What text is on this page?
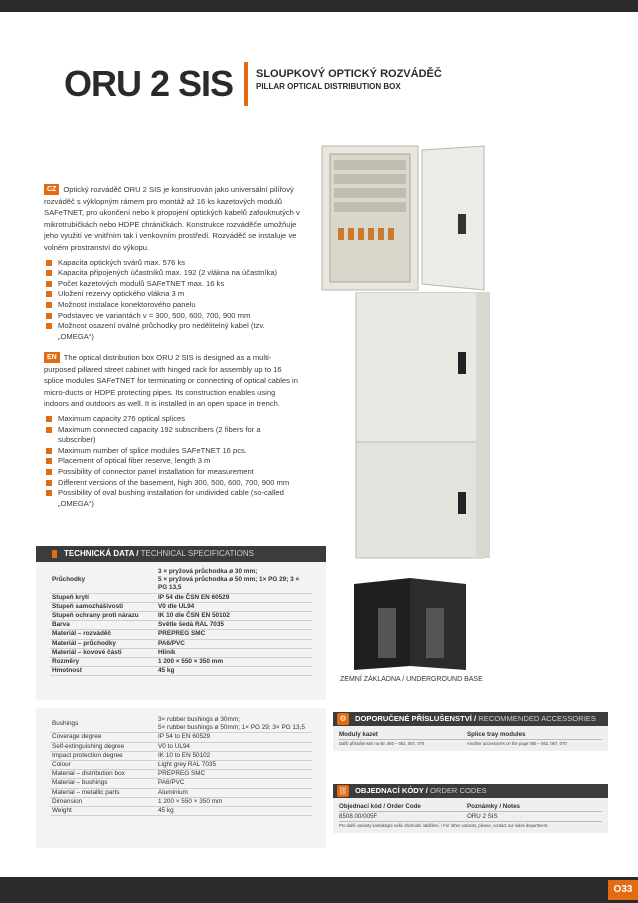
ORU 2 SIS SLOUPKOVÝ OPTICKÝ ROZVÁDĚČ
PILLAR OPTICAL DISTRIBUTION BOX
ZEMNÍ ZÁKLADNA / UNDERGROUND BASE
CZ Optický rozváděč ORU 2 SIS je konstruován jako universální pilířový rozváděč s výklopným rámem pro montáž až 16 ks kazetových modulů SAFeTNET, pro ukončení nebo k propojení optických kabelů zafouknutých v mikrotrubičkách nebo HDPE chráničkách. Konstrukce rozváděče umožňuje jeho využití ve vnitřním tak i venkovním prostředí. Rozváděč se instaluje ve volném prostranství do výkopu.
Kapacita optických svárů max. 576 ks
Kapacita připojených účastníků max. 192 (2 vlákna na účastníka)
Počet kazetových modulů SAFeTNET max. 16 ks
Uložení rezervy optického vlákna 3 m
Možnost instalace konektorového panelu
Podstavec ve variantách v = 300, 500, 600, 700, 900 mm
Možnost osazení oválné průchodky pro nedělitelný kabel (tzv. „OMEGA“)
EN The optical distribution box ORU 2 SIS is designed as a multi-purposed pillared street cabinet with hinged rack for assembly up to 16 splice modules SAFeTNET for terminating or connecting of optical cables in micro-ducts or HDPE protecting pipes. Its construction enables using indoors and outdoors as well. It is installed in an open space in trench.
Maximum capacity 276 optical splices
Maximum connected capacity 192 subscribers (2 fibers for a subscriber)
Maximum number of splice modules SAFeTNET 16 pcs.
Placement of optical fiber reserve, length 3 m
Possibility of connector panel installation for measurement
Different versions of the basement, high 300, 500, 600, 700, 900 mm
Possibility of oval bushing installation for undivided cable (so-called „OMEGA“)
TECHNICKÁ DATA / TECHNICAL SPECIFICATIONS
Průchodky	3 × pryžová průchodka ø 30 mm;
5 × pryžová průchodka ø 50 mm; 1× PG 29; 3 × PG 13,5
Stupeň krytí	IP 54 dle ČSN EN 60529
Stupeň samozhášivosti	V0 dle UL94
Stupeň ochrany proti nárazu	IK 10 dle ČSN EN 50102
Barva	Světle šedá RAL 7035
Materiál – rozváděč	PREPREG SMC
Materiál – průchodky	PA6/PVC
Materiál – kovové části	Hliník
Rozměry	1 200 × 550 × 350 mm
Hmotnost	45 kg
Bushings	3× rubber bushings ø 30mm;
5× rubber bushings ø 50mm; 1× PG 29; 3× PG 13,5
Coverage degree	IP 54 to EN 60529
Self-extinguishing degree	V0 to UL94
Impact protection degree	IK 10 to EN 50102
Colour	Light grey RAL 7035
Material – distribution box	PREPREG SMC
Material – bushings	PA6/PVC
Material – metallic parts	Aluminium
Dimension	1 200 × 550 × 350 mm
Weight	45 kg
⚙	DOPORUČENÉ PŘÍSLUŠENSTVÍ / RECOMMENDED ACCESSORIES
Moduly kazet	Splice tray modules
Další příslušenství na str. 060 – 062, 067, 070	Another accessories on the page 060 – 062, 067, 070
|||	OBJEDNACÍ KÓDY / ORDER CODES
Objednací kód / Order Code	Poznámky / Notes
8508.00/005F	ORU 2 SIS
Pro další varianty kontaktujte naše obchodní oddělení. / For other variants, please, contact our sales department.
O33
